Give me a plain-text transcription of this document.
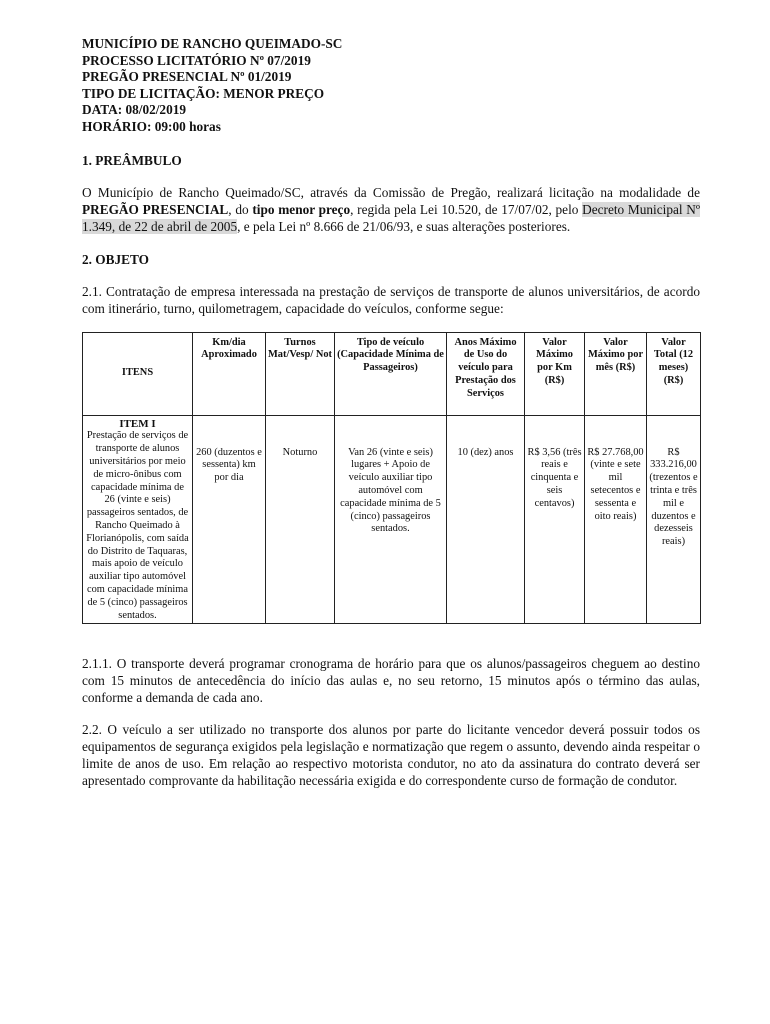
MUNICÍPIO DE RANCHO QUEIMADO-SC
PROCESSO LICITATÓRIO Nº 07/2019
PREGÃO PRESENCIAL Nº 01/2019
TIPO DE LICITAÇÃO: MENOR PREÇO
DATA: 08/02/2019
HORÁRIO: 09:00 horas
1. PREÂMBULO

O Município de Rancho Queimado/SC, através da Comissão de Pregão, realizará licitação na modalidade de PREGÃO PRESENCIAL, do tipo menor preço, regida pela Lei 10.520, de 17/07/02, pelo Decreto Municipal Nº 1.349, de 22 de abril de 2005, e pela Lei nº 8.666 de 21/06/93, e suas alterações posteriores.

2. OBJETO

2.1. Contratação de empresa interessada na prestação de serviços de transporte de alunos universitários, de acordo com itinerário, turno, quilometragem, capacidade do veículos, conforme segue:

ITENS	Km/dia Aproximado	Turnos Mat/Vesp/ Not	Tipo de veículo (Capacidade Mínima de Passageiros)	Anos Máximo de Uso do veículo para Prestação dos Serviços	Valor Máximo por Km (R$)	Valor Máximo por mês (R$)	Valor Total (12 meses) (R$)

ITEM I
Prestação de serviços de transporte de alunos universitários por meio de micro-ônibus com capacidade mínima de 26 (vinte e seis) passageiros sentados, de Rancho Queimado à Florianópolis, com saída do Distrito de Taquaras, mais apoio de veículo auxiliar tipo automóvel com capacidade mínima de 5 (cinco) passageiros sentados.	260 (duzentos e sessenta) km por dia	Noturno	Van 26 (vinte e seis) lugares + Apoio de veículo auxiliar tipo automóvel com capacidade mínima de 5 (cinco) passageiros sentados.	10 (dez) anos	R$ 3,56 (três reais e cinquenta e seis centavos)	R$ 27.768,00 (vinte e sete mil setecentos e sessenta e oito reais)	R$ 333.216,00 (trezentos e trinta e três mil e duzentos e dezesseis reais)

2.1.1. O transporte deverá programar cronograma de horário para que os alunos/passageiros cheguem ao destino com 15 minutos de antecedência do início das aulas e, no seu retorno, 15 minutos após o término das aulas, conforme a demanda de cada ano.

2.2. O veículo a ser utilizado no transporte dos alunos por parte do licitante vencedor deverá possuir todos os equipamentos de segurança exigidos pela legislação e normatização que regem o assunto, devendo ainda respeitar o limite de anos de uso. Em relação ao respectivo motorista condutor, no ato da assinatura do contrato deverá ser apresentado comprovante da habilitação necessária exigida e do correspondente curso de formação de condutor.
